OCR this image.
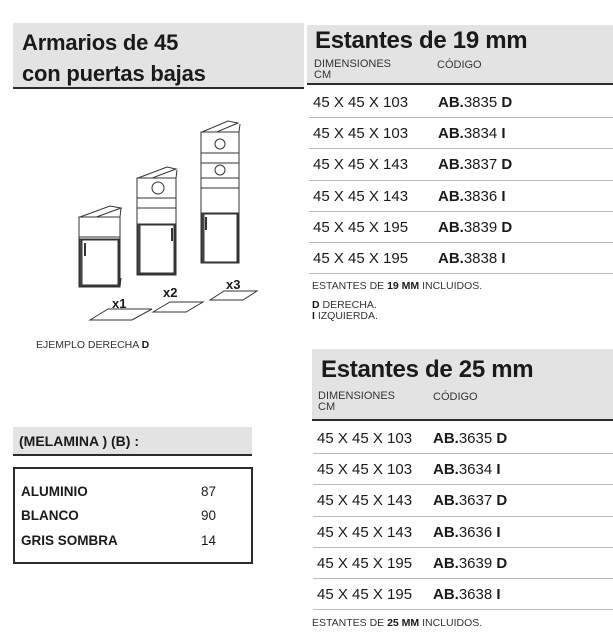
Armarios de 45
con puertas bajas
x1
x2
x3
EJEMPLO DERECHA D
Estantes de 19 mm
DIMENSIONES
CM
CÓDIGO
45 X 45 X 103 AB.3835 D
45 X 45 X 103 AB.3834 I
45 X 45 X 143 AB.3837 D
45 X 45 X 143 AB.3836 I
45 X 45 X 195 AB.3839 D
45 X 45 X 195 AB.3838 I
ESTANTES DE 19 MM INCLUIDOS.
D DERECHA.
I IZQUIERDA.
Estantes de 25 mm
DIMENSIONES
CM
CÓDIGO
45 X 45 X 103 AB.3635 D
45 X 45 X 103 AB.3634 I
45 X 45 X 143 AB.3637 D
45 X 45 X 143 AB.3636 I
45 X 45 X 195 AB.3639 D
45 X 45 X 195 AB.3638 I
ESTANTES DE 25 MM INCLUIDOS.
(MELAMINA ) (B) :
ALUMINIO	87
BLANCO	90
GRIS SOMBRA	14
